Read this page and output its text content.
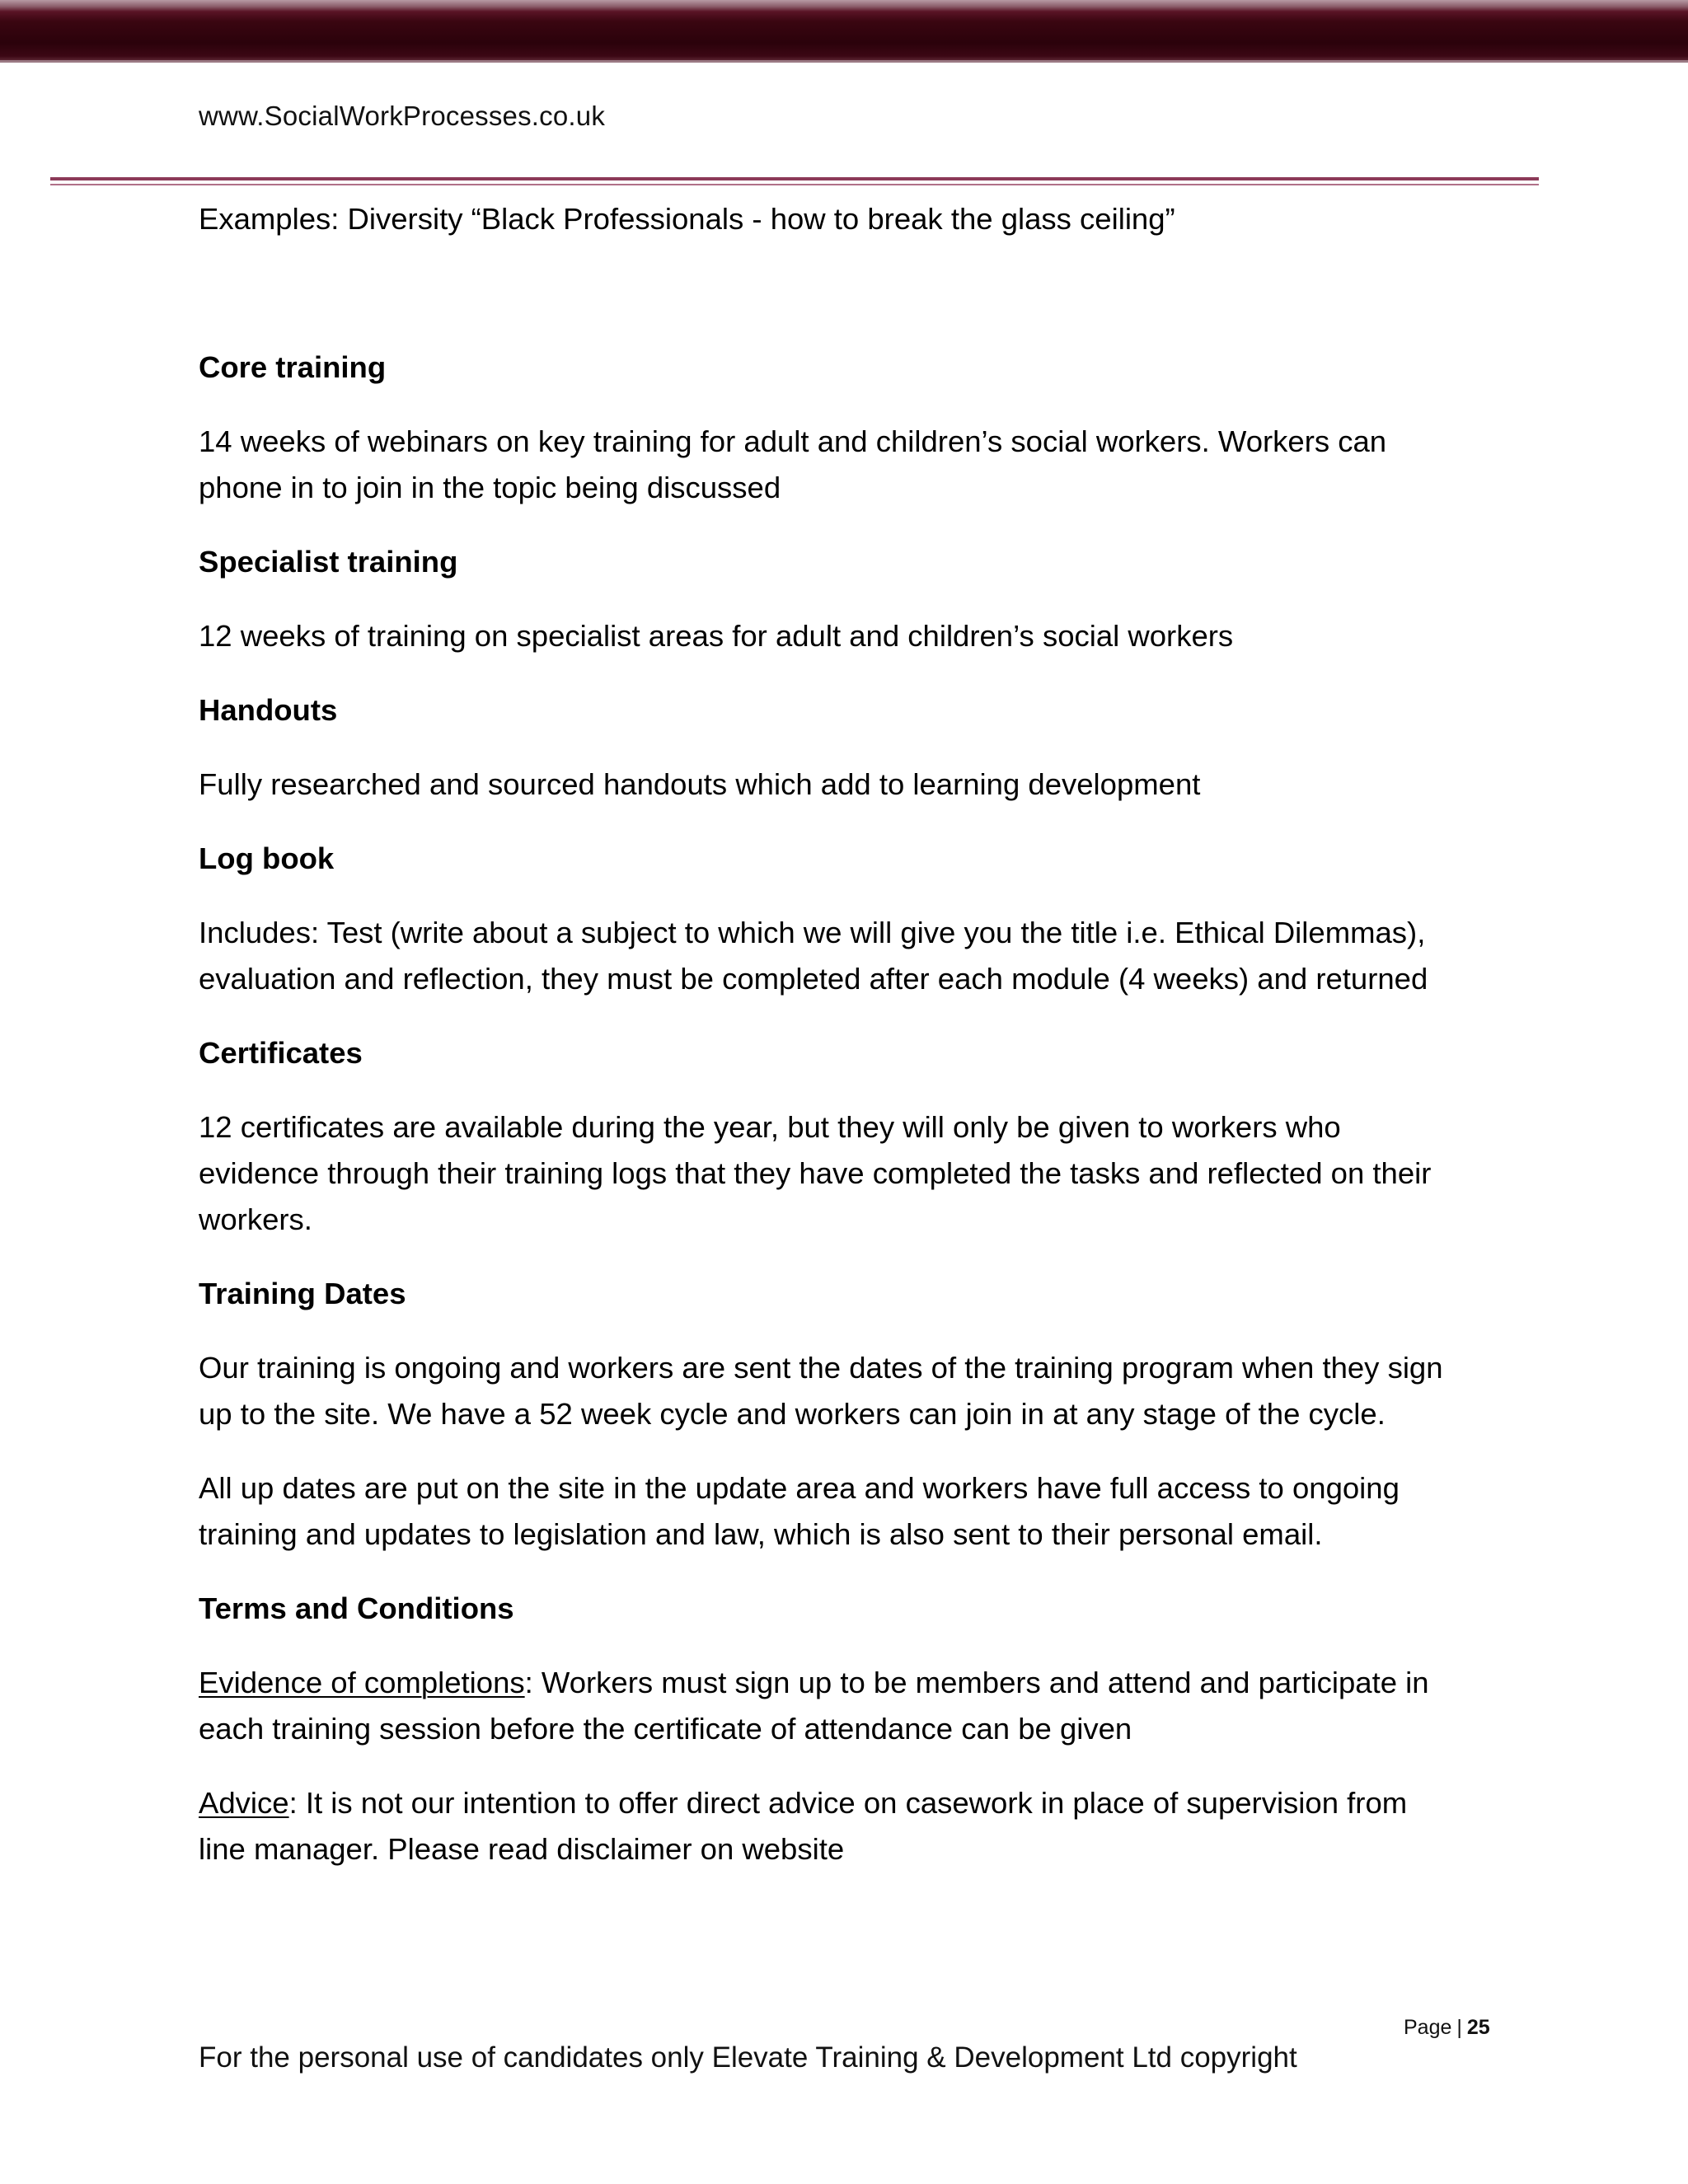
www.SocialWorkProcesses.co.uk
Examples: Diversity “Black Professionals - how to break the glass ceiling”
Core training
14 weeks of webinars on key training for adult and children’s social workers. Workers can
phone in to join in the topic being discussed
Specialist training
12 weeks of training on specialist areas for adult and children’s social workers
Handouts
Fully researched and sourced handouts which add to learning development
Log book
Includes: Test (write about a subject to which we will give you the title i.e. Ethical Dilemmas),
evaluation and reflection, they must be completed after each module (4 weeks) and returned
Certificates
12 certificates are available during the year, but they will only be given to workers who
evidence through their training logs that they have completed the tasks and reflected on their
workers.
Training Dates
Our training is ongoing and workers are sent the dates of the training program when they sign
up to the site. We have a 52 week cycle and workers can join in at any stage of the cycle.
All up dates are put on the site in the update area and workers have full access to ongoing
training and updates to legislation and law, which is also sent to their personal email.
Terms and Conditions
Evidence of completions: Workers must sign up to be members and attend and participate in
each training session before the certificate of attendance can be given
Advice: It is not our intention to offer direct advice on casework in place of supervision from
line manager. Please read disclaimer on website
Page | 25
For the personal use of candidates only Elevate Training & Development Ltd copyright
